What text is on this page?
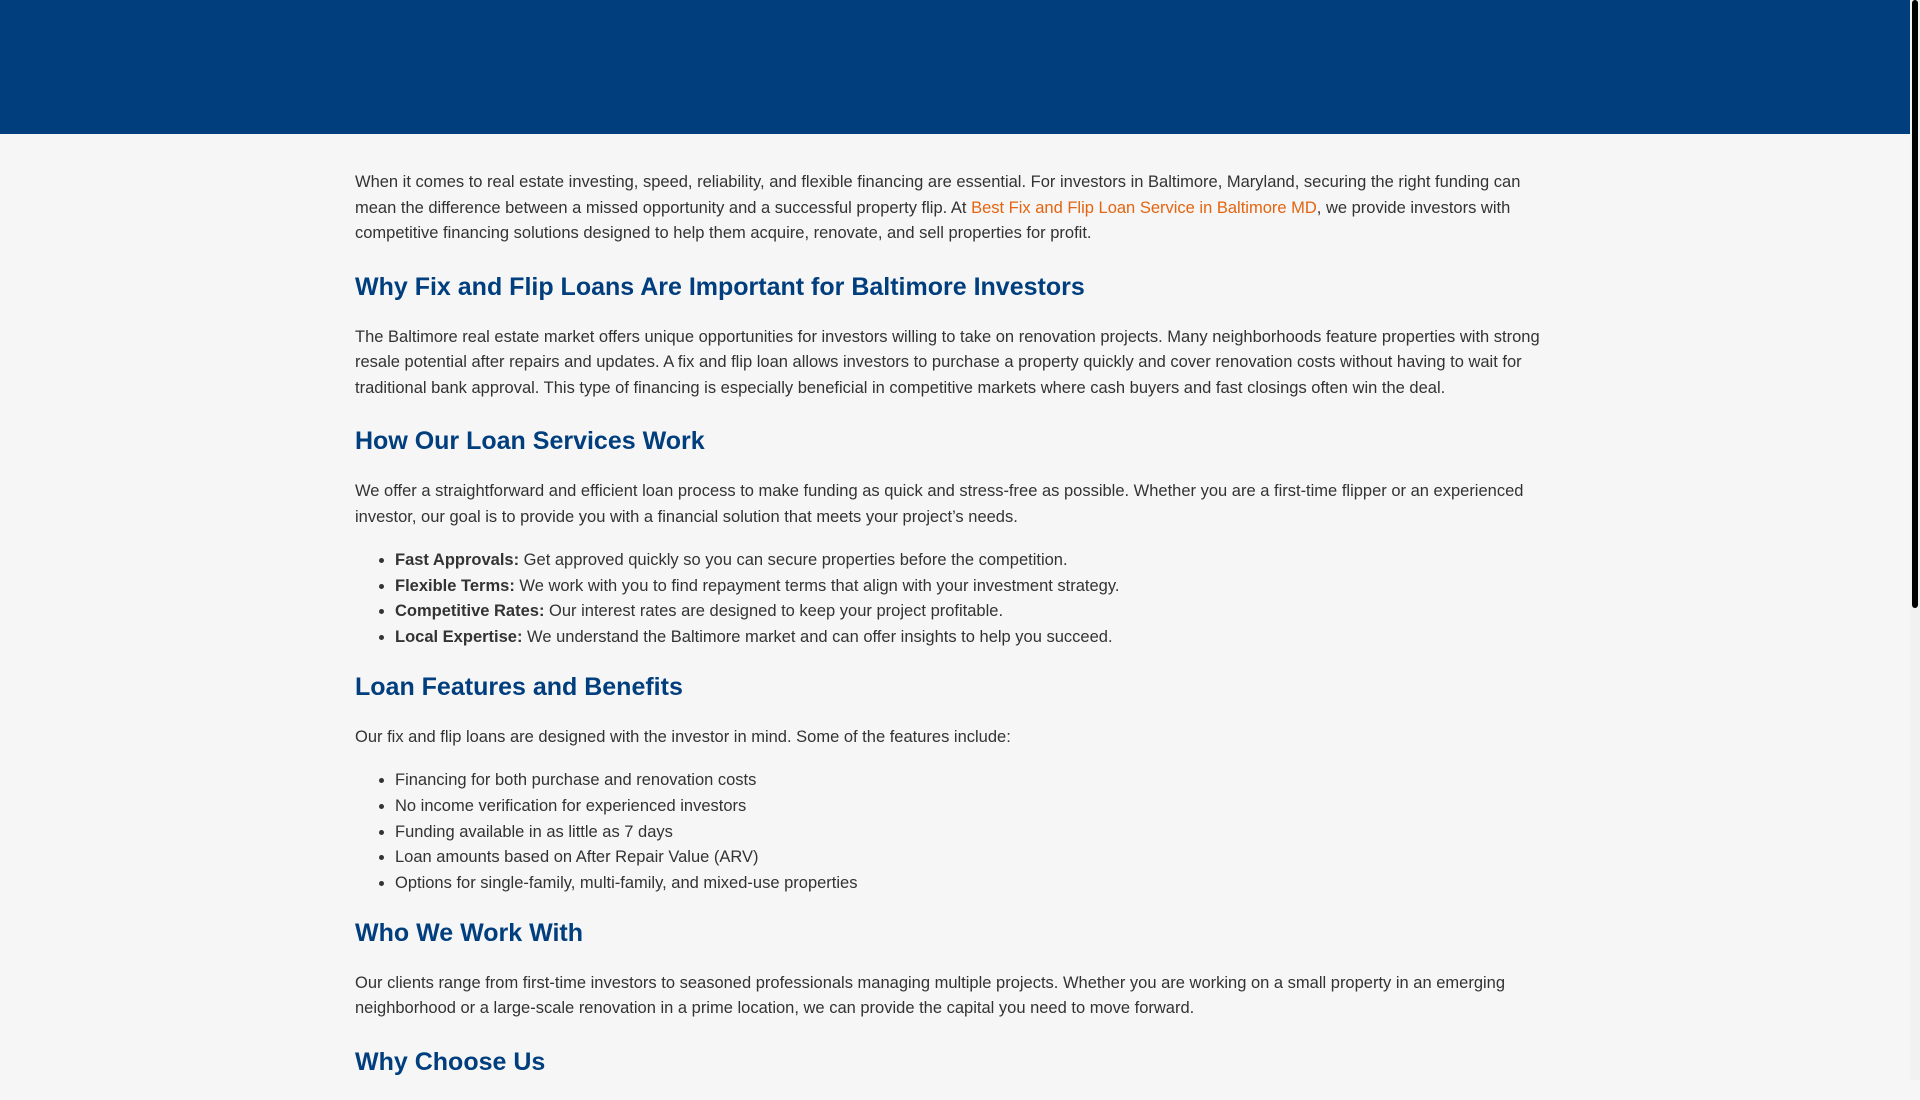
When it comes to real estate investing, speed, reliability, and flexible financing are essential. For investors in Baltimore, Maryland, securing the right funding can mean the difference between a missed opportunity and a successful property flip. At Best Fix and Flip Loan Service in Baltimore MD, we provide investors with competitive financing solutions designed to help them acquire, renovate, and sell properties for profit.

Why Fix and Flip Loans Are Important for Baltimore Investors

The Baltimore real estate market offers unique opportunities for investors willing to take on renovation projects. Many neighborhoods feature properties with strong resale potential after repairs and updates. A fix and flip loan allows investors to purchase a property quickly and cover renovation costs without having to wait for traditional bank approval. This type of financing is especially beneficial in competitive markets where cash buyers and fast closings often win the deal.

How Our Loan Services Work

We offer a straightforward and efficient loan process to make funding as quick and stress-free as possible. Whether you are a first-time flipper or an experienced investor, our goal is to provide you with a financial solution that meets your project’s needs.

• Fast Approvals: Get approved quickly so you can secure properties before the competition.
• Flexible Terms: We work with you to find repayment terms that align with your investment strategy.
• Competitive Rates: Our interest rates are designed to keep your project profitable.
• Local Expertise: We understand the Baltimore market and can offer insights to help you succeed.
Loan Features and Benefits

Our fix and flip loans are designed with the investor in mind. Some of the features include:

• Financing for both purchase and renovation costs
• No income verification for experienced investors
• Funding available in as little as 7 days
• Loan amounts based on After Repair Value (ARV)
• Options for single-family, multi-family, and mixed-use properties
Who We Work With

Our clients range from first-time investors to seasoned professionals managing multiple projects. Whether you are working on a small property in an emerging neighborhood or a large-scale renovation in a prime location, we can provide the capital you need to move forward.

Why Choose Us
